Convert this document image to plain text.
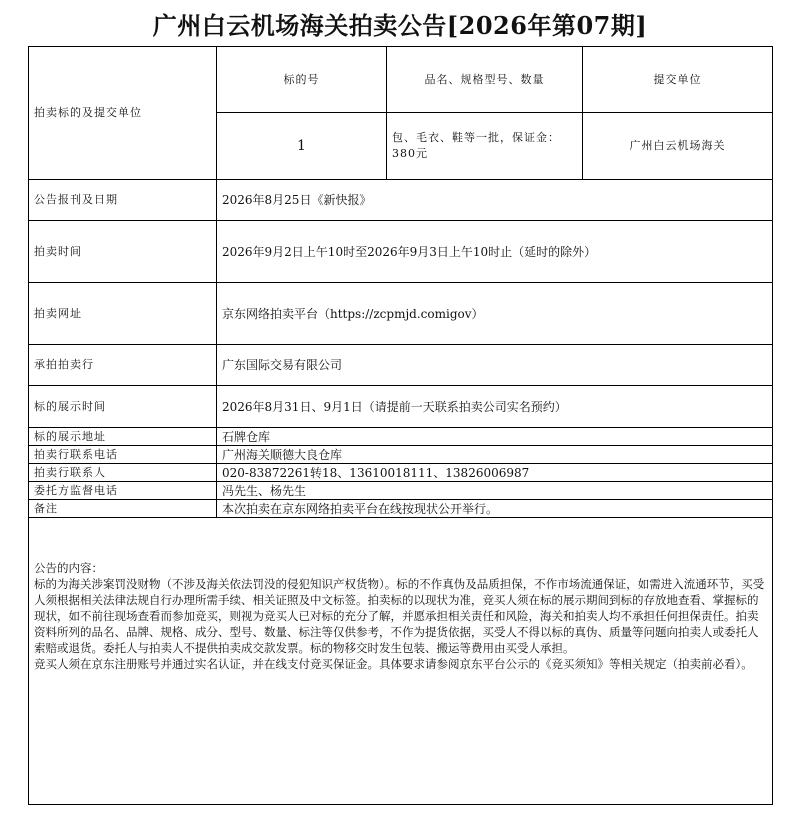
广州白云机场海关拍卖公告[2026年第07期]
拍卖标的及提交单位	标的号	品名、规格型号、数量	提交单位
	1	包、毛衣、鞋等一批，保证金：380元	广州白云机场海关
公告报刊及日期	2026年8月25日《新快报》		
拍卖时间	2026年9月2日上午10时至2026年9月3日上午10时止（延时的除外）		
拍卖网址	京东网络拍卖平台（https://zcpmjd.comigov）		
承拍拍卖行	广东国际交易有限公司		
标的展示时间	2026年8月31日、9月1日（请提前一天联系拍卖公司实名预约）		
标的展示地址	石牌仓库		
拍卖行联系电话	广州海关顺德大良仓库		
拍卖行联系人	020-83872261转18、13610018111、13826006987		
委托方监督电话	冯先生、杨先生		
备注	本次拍卖在京东网络拍卖平台在线按现状公开举行。		

公告的内容：

标的为海关涉案罚没财物（不涉及海关依法罚没的侵犯知识产权货物）。标的不作真伪及品质担保，不作市场流通保证，如需进入流通环节，买受人须根据相关法律法规自行办理所需手续、相关证照及中文标签。拍卖标的以现状为准，竞买人须在标的展示期间到标的存放地查看、掌握标的现状，如不前往现场查看而参加竞买，则视为竞买人已对标的充分了解，并愿承担相关责任和风险，海关和拍卖人均不承担任何担保责任。拍卖资料所列的品名、品牌、规格、成分、型号、数量、标注等仅供参考，不作为提货依据，买受人不得以标的真伪、质量等问题向拍卖人或委托人索赔或退货。委托人与拍卖人不提供拍卖成交款发票。标的物移交时发生包装、搬运等费用由买受人承担。

竞买人须在京东注册账号并通过实名认证，并在线支付竞买保证金。具体要求请参阅京东平台公示的《竞买须知》等相关规定（拍卖前必看）。			
